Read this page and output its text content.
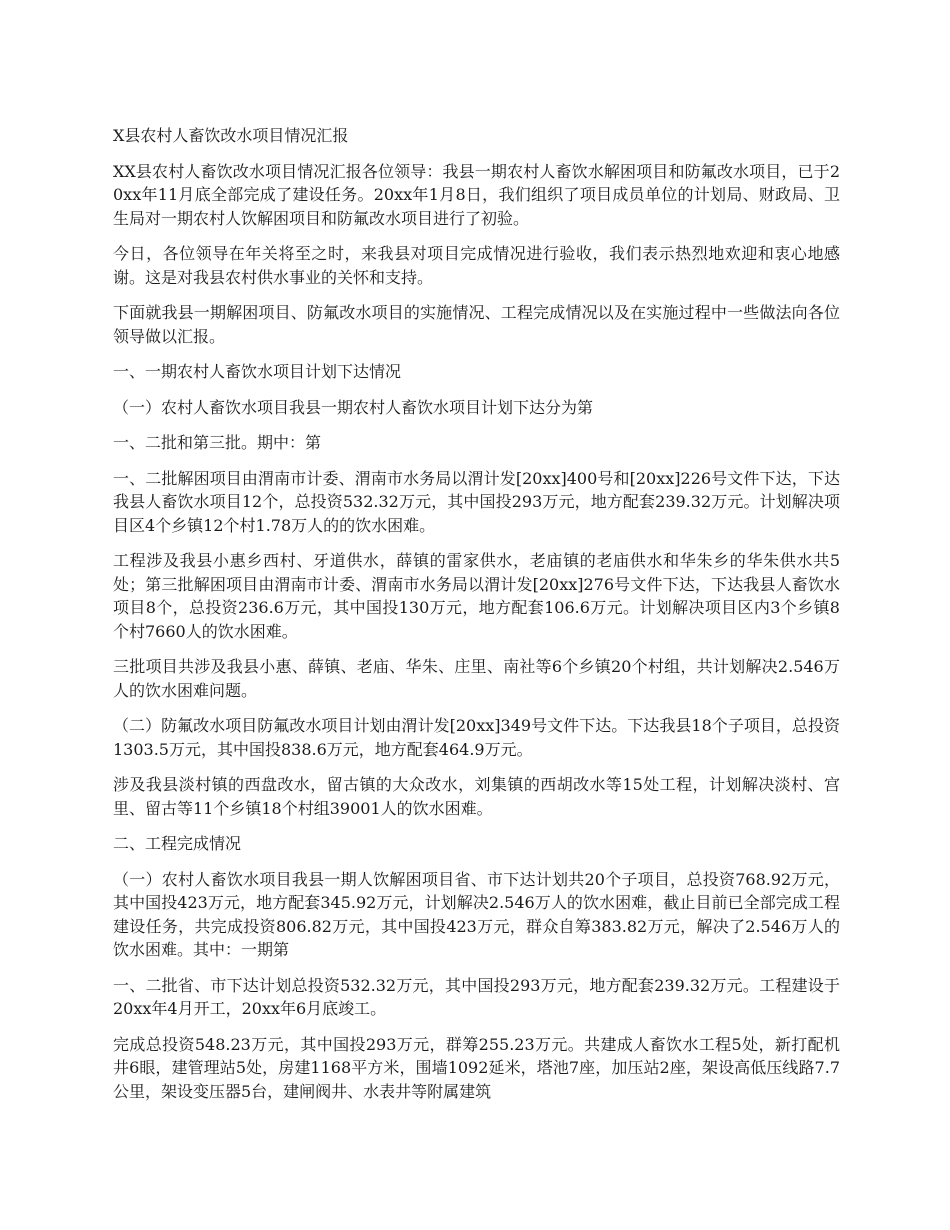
X县农村人畜饮改水项目情况汇报

XX县农村人畜饮改水项目情况汇报各位领导：我县一期农村人畜饮水解困项目和防氟改水项目，已于20xx年11月底全部完成了建设任务。20xx年1月8日，我们组织了项目成员单位的计划局、财政局、卫生局对一期农村人饮解困项目和防氟改水项目进行了初验。

今日，各位领导在年关将至之时，来我县对项目完成情况进行验收，我们表示热烈地欢迎和衷心地感谢。这是对我县农村供水事业的关怀和支持。

下面就我县一期解困项目、防氟改水项目的实施情况、工程完成情况以及在实施过程中一些做法向各位领导做以汇报。

一、一期农村人畜饮水项目计划下达情况

（一）农村人畜饮水项目我县一期农村人畜饮水项目计划下达分为第

一、二批和第三批。期中：第

一、二批解困项目由渭南市计委、渭南市水务局以渭计发[20xx]400号和[20xx]226号文件下达，下达我县人畜饮水项目12个，总投资532.32万元，其中国投293万元，地方配套239.32万元。计划解决项目区4个乡镇12个村1.78万人的的饮水困难。

工程涉及我县小惠乡西村、牙道供水，薛镇的雷家供水，老庙镇的老庙供水和华朱乡的华朱供水共5处；第三批解困项目由渭南市计委、渭南市水务局以渭计发[20xx]276号文件下达，下达我县人畜饮水项目8个，总投资236.6万元，其中国投130万元，地方配套106.6万元。计划解决项目区内3个乡镇8个村7660人的饮水困难。

三批项目共涉及我县小惠、薛镇、老庙、华朱、庄里、南社等6个乡镇20个村组，共计划解决2.546万人的饮水困难问题。

（二）防氟改水项目防氟改水项目计划由渭计发[20xx]349号文件下达。下达我县18个子项目，总投资1303.5万元，其中国投838.6万元，地方配套464.9万元。

涉及我县淡村镇的西盘改水，留古镇的大众改水，刘集镇的西胡改水等15处工程，计划解决淡村、宫里、留古等11个乡镇18个村组39001人的饮水困难。

二、工程完成情况

（一）农村人畜饮水项目我县一期人饮解困项目省、市下达计划共20个子项目，总投资768.92万元，其中国投423万元，地方配套345.92万元，计划解决2.546万人的饮水困难，截止目前已全部完成工程建设任务，共完成投资806.82万元，其中国投423万元，群众自筹383.82万元，解决了2.546万人的饮水困难。其中：一期第

一、二批省、市下达计划总投资532.32万元，其中国投293万元，地方配套239.32万元。工程建设于20xx年4月开工，20xx年6月底竣工。

完成总投资548.23万元，其中国投293万元，群筹255.23万元。共建成人畜饮水工程5处，新打配机井6眼，建管理站5处，房建1168平方米，围墙1092延米，塔池7座，加压站2座，架设高低压线路7.7公里，架设变压器5台，建闸阀井、水表井等附属建筑
